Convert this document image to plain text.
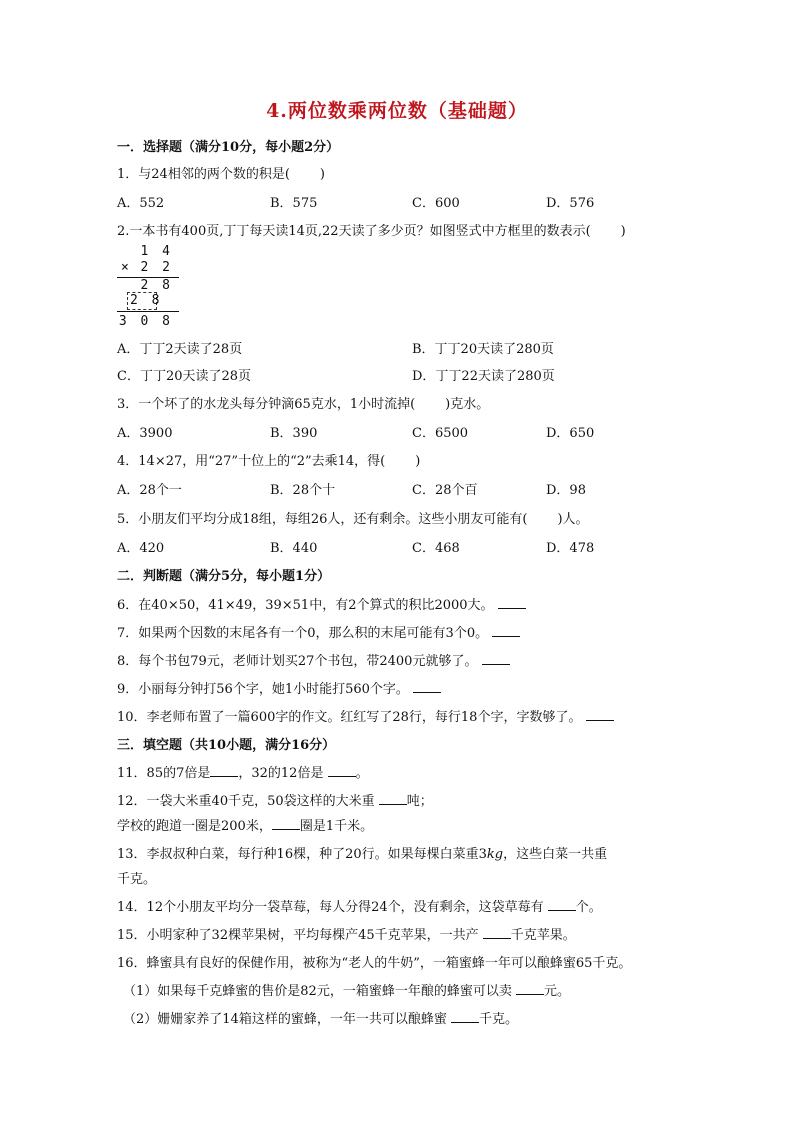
4.两位数乘两位数（基础题）
一．选择题（满分10分，每小题2分）
1．与24相邻的两个数的积是( )
A．552	B．575	C．600	D．576
2.一本书有400页,丁丁每天读14页,22天读了多少页？如图竖式中方框里的数表示( )
1 4
× 2 2
2 8
2 8
3 0 8
A．丁丁2天读了28页	B．丁丁20天读了280页
C．丁丁20天读了28页	D．丁丁22天读了280页
3．一个坏了的水龙头每分钟滴65克水，1小时流掉( )克水。
A．3900	B．390	C．6500	D．650
4．14×27，用“27”十位上的“2”去乘14，得( )
A．28个一	B．28个十	C．28个百	D．98
5．小朋友们平均分成18组，每组26人，还有剩余。这些小朋友可能有( )人。
A．420	B．440	C．468	D．478
二．判断题（满分5分，每小题1分）
6．在40×50，41×49，39×51中，有2个算式的积比2000大。
7．如果两个因数的末尾各有一个0，那么积的末尾可能有3个0。
8．每个书包79元，老师计划买27个书包，带2400元就够了。
9．小丽每分钟打56个字，她1小时能打560个字。
10．李老师布置了一篇600字的作文。红红写了28行，每行18个字，字数够了。
三．填空题（共10小题，满分16分）
11．85的7倍是 ，32的12倍是 。
12．一袋大米重40千克，50袋这样的大米重 吨；
学校的跑道一圈是200米， 圈是1千米。
13．李叔叔种白菜，每行种16棵，种了20行。如果每棵白菜重3kg，这些白菜一共重
千克。
14．12个小朋友平均分一袋草莓，每人分得24个，没有剩余，这袋草莓有 个。
15．小明家种了32棵苹果树，平均每棵产45千克苹果，一共产 千克苹果。
16．蜂蜜具有良好的保健作用，被称为“老人的牛奶”，一箱蜜蜂一年可以酿蜂蜜65千克。
（1）如果每千克蜂蜜的售价是82元，一箱蜜蜂一年酿的蜂蜜可以卖 元。
（2）姗姗家养了14箱这样的蜜蜂，一年一共可以酿蜂蜜 千克。
